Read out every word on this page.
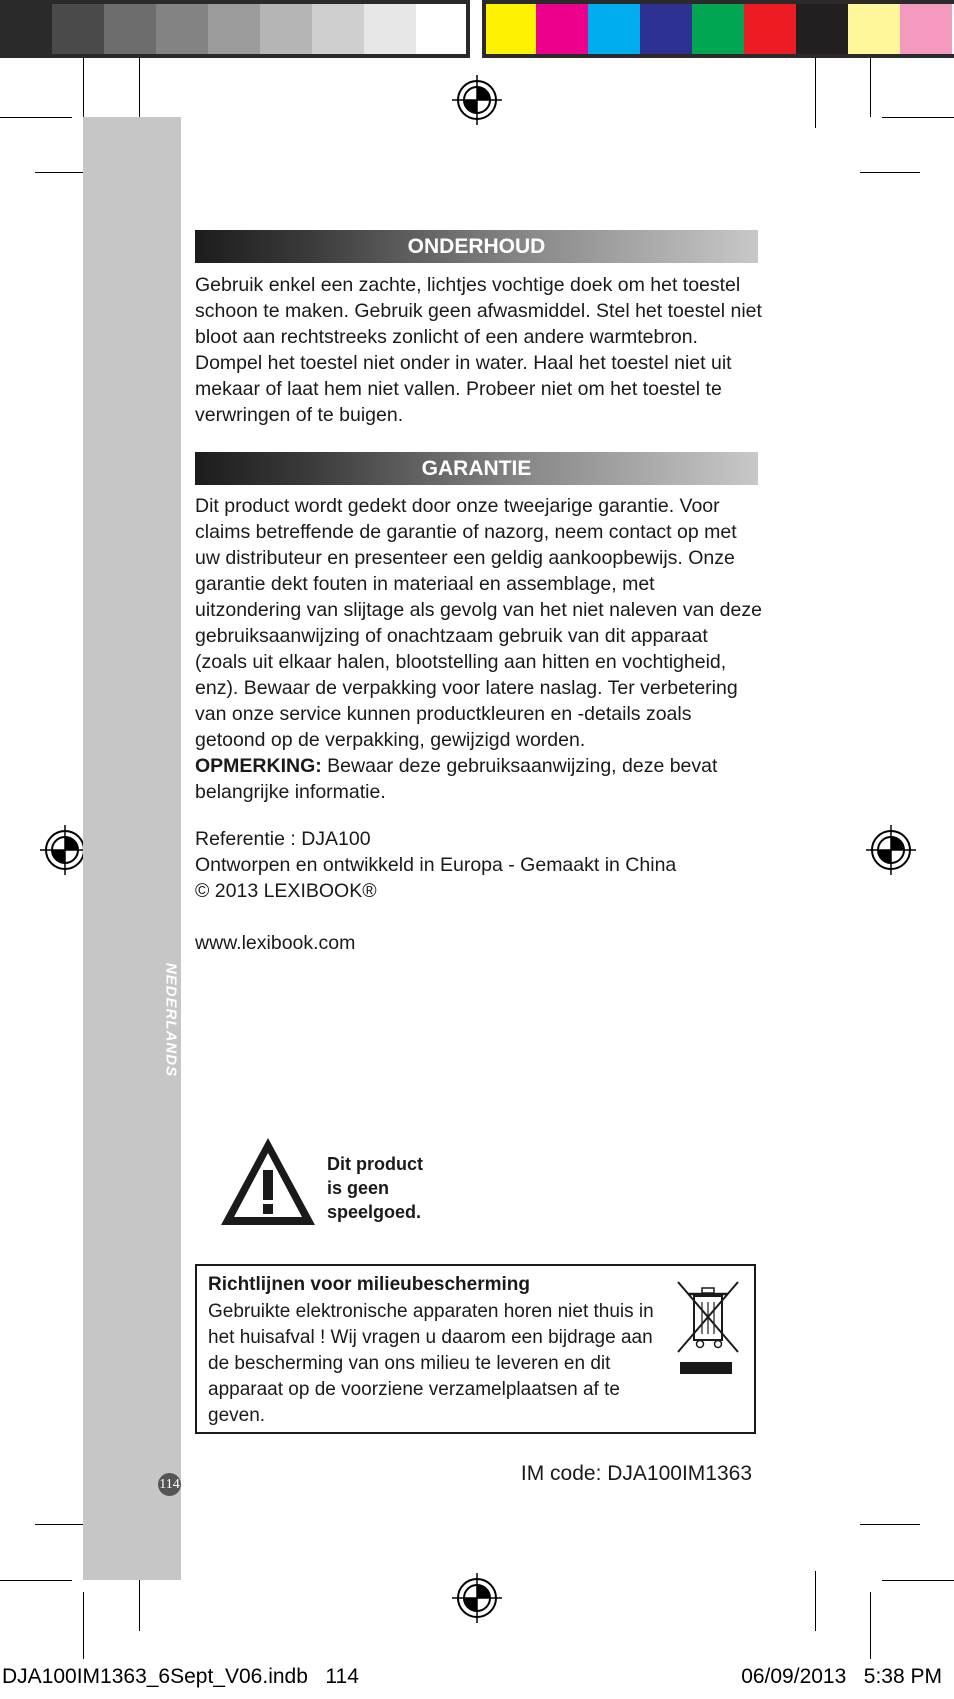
NEDERLANDS
114
ONDERHOUD

Gebruik enkel een zachte, lichtjes vochtige doek om het toestel schoon te maken. Gebruik geen afwasmiddel. Stel het toestel niet bloot aan rechtstreeks zonlicht of een andere warmtebron. Dompel het toestel niet onder in water. Haal het toestel niet uit mekaar of laat hem niet vallen. Probeer niet om het toestel te verwringen of te buigen.

GARANTIE

Dit product wordt gedekt door onze tweejarige garantie. Voor claims betreffende de garantie of nazorg, neem contact op met uw distributeur en presenteer een geldig aankoopbewijs. Onze garantie dekt fouten in materiaal en assemblage, met uitzondering van slijtage als gevolg van het niet naleven van deze gebruiksaanwijzing of onachtzaam gebruik van dit apparaat (zoals uit elkaar halen, blootstelling aan hitten en vochtigheid, enz). Bewaar de verpakking voor latere naslag. Ter verbetering van onze service kunnen productkleuren en -details zoals getoond op de verpakking, gewijzigd worden.

OPMERKING: Bewaar deze gebruiksaanwijzing, deze bevat belangrijke informatie.

Referentie : DJA100

Ontworpen en ontwikkeld in Europa - Gemaakt in China

© 2013 LEXIBOOK®

www.lexibook.com

Dit product
is geen
speelgoed.
Richtlijnen voor milieubescherming
Gebruikte elektronische apparaten horen niet thuis in het huisafval ! Wij vragen u daarom een bijdrage aan de bescherming van ons milieu te leveren en dit apparaat op de voorziene verzamelplaatsen af te geven.
IM code: DJA100IM1363
DJA100IM1363_6Sept_V06.indb   114	06/09/2013   5:38 PM
